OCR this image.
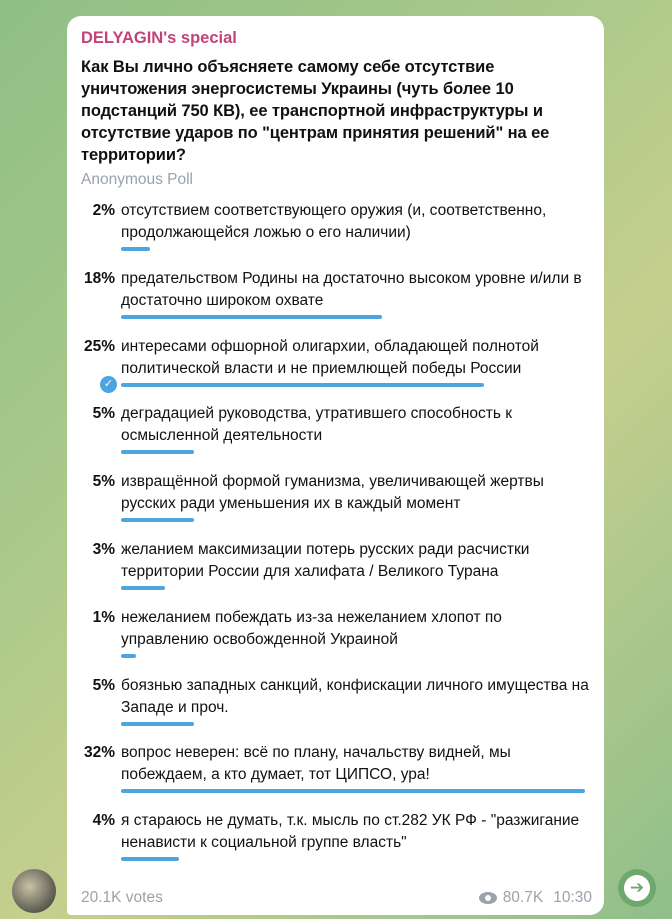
DELYAGIN's special
Как Вы лично объясняете самому себе отсутствие уничтожения энергосистемы Украины (чуть более 10 подстанций 750 КВ), ее транспортной инфраструктуры и отсутствие ударов по "центрам принятия решений" на ее территории?
Anonymous Poll
2% отсутствием соответствующего оружия (и, соответственно, продолжающейся ложью о его наличии)
18% предательством Родины на достаточно высоком уровне и/или в достаточно широком охвате
25% интересами офшорной олигархии, обладающей полнотой политической власти и не приемлющей победы России
✓
5% деградацией руководства, утратившего способность к осмысленной деятельности
5% извращённой формой гуманизма, увеличивающей жертвы русских ради уменьшения их в каждый момент
3% желанием максимизации потерь русских ради расчистки территории России для халифата / Великого Турана
1% нежеланием побеждать из-за нежеланием хлопот по управлению освобожденной Украиной
5% боязнью западных санкций, конфискации личного имущества на Западе и проч.
32% вопрос неверен: всё по плану, начальству видней, мы побеждаем, а кто думает, тот ЦИПСО, ура!
4% я стараюсь не думать, т.к. мысль по ст.282 УК РФ - "разжигание ненависти к социальной группе власть"
20.1K votes	80.7K 10:30
➔
